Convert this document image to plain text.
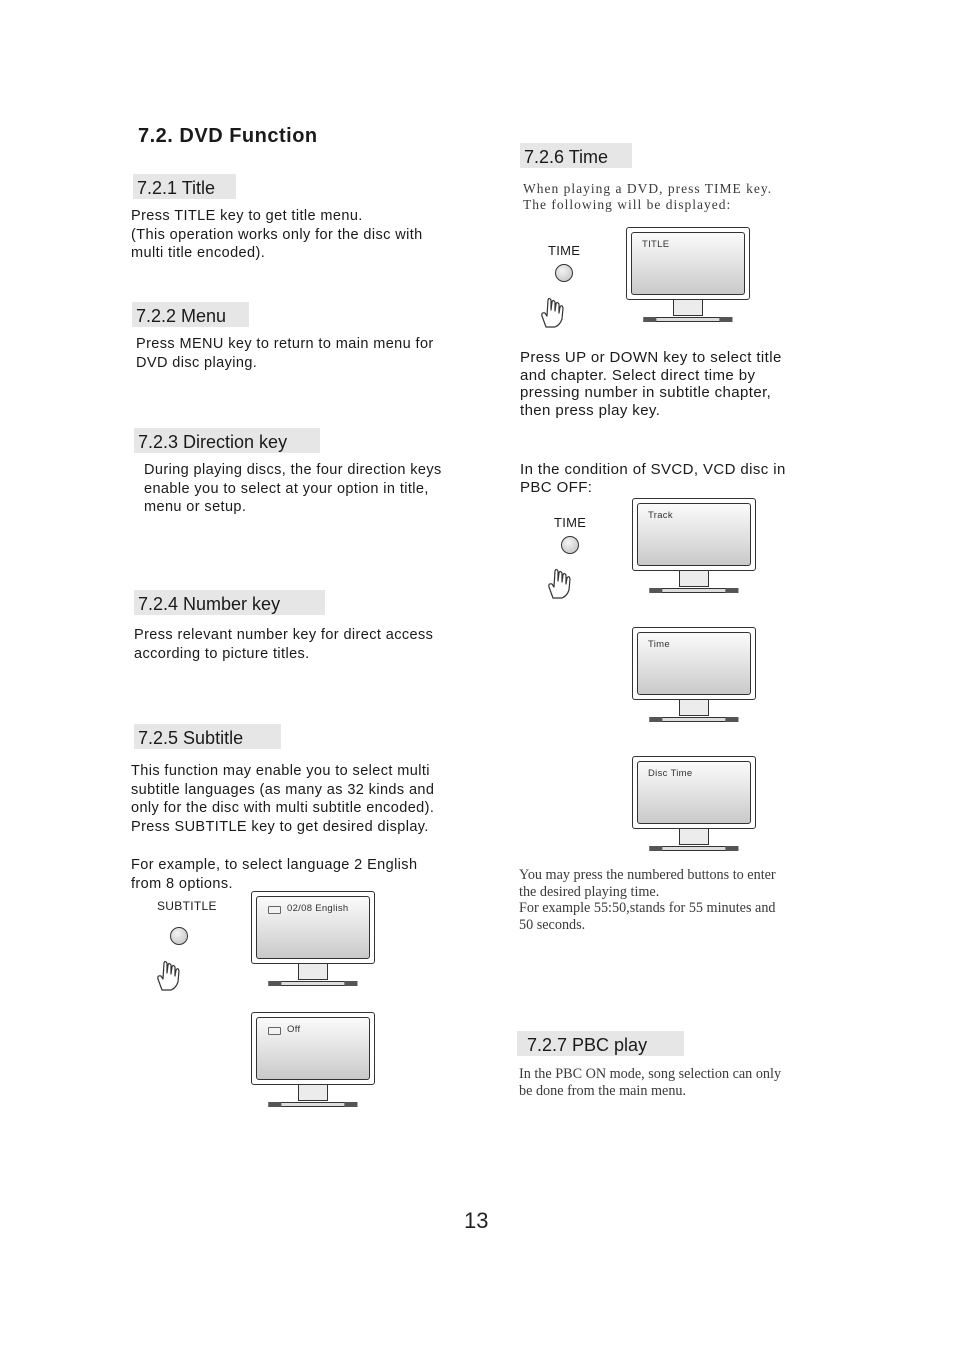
7.2. DVD Function
7.2.1 Title
Press TITLE key to get title menu.
(This operation works only for the disc with
multi title encoded).
7.2.2 Menu
Press MENU key to return to main menu for
DVD disc playing.
7.2.3 Direction key
During playing discs, the four direction keys
enable you to select at your option in title,
menu or setup.
7.2.4 Number key
Press relevant number key for direct access
according to picture titles.
7.2.5 Subtitle
This function may enable you to select multi
subtitle languages (as many as 32 kinds and
only for the disc with multi subtitle encoded).
Press SUBTITLE key to get desired display.
For example, to select language 2 English
from 8 options.
SUBTITLE	02/08 English
Off
7.2.6 Time
When playing a DVD, press TIME key.
The following will be displayed:
TIME	TITLE
Press UP or DOWN key to select title
and chapter. Select direct time by
pressing number in subtitle chapter,
then press play key.
In the condition of SVCD, VCD disc in
PBC OFF:
TIME	Track
Time
Disc Time
You may press the numbered buttons to enter
the desired playing time.
For example 55:50,stands for 55 minutes and
50 seconds.
7.2.7 PBC play
In the PBC ON mode, song selection can only
be done from the main menu.
13
